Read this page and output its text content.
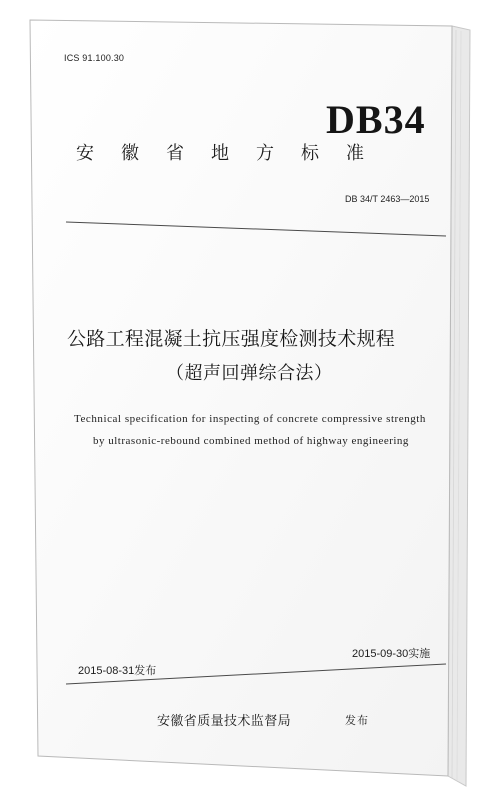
ICS 91.100.30
DB34
安徽省地方标准
DB 34/T 2463—2015
公路工程混凝土抗压强度检测技术规程
（超声回弹综合法）
Technical specification for inspecting of concrete compressive strength
by ultrasonic-rebound combined method of highway engineering
2015-09-30实施
2015-08-31发布
安徽省质量技术监督局	发布
